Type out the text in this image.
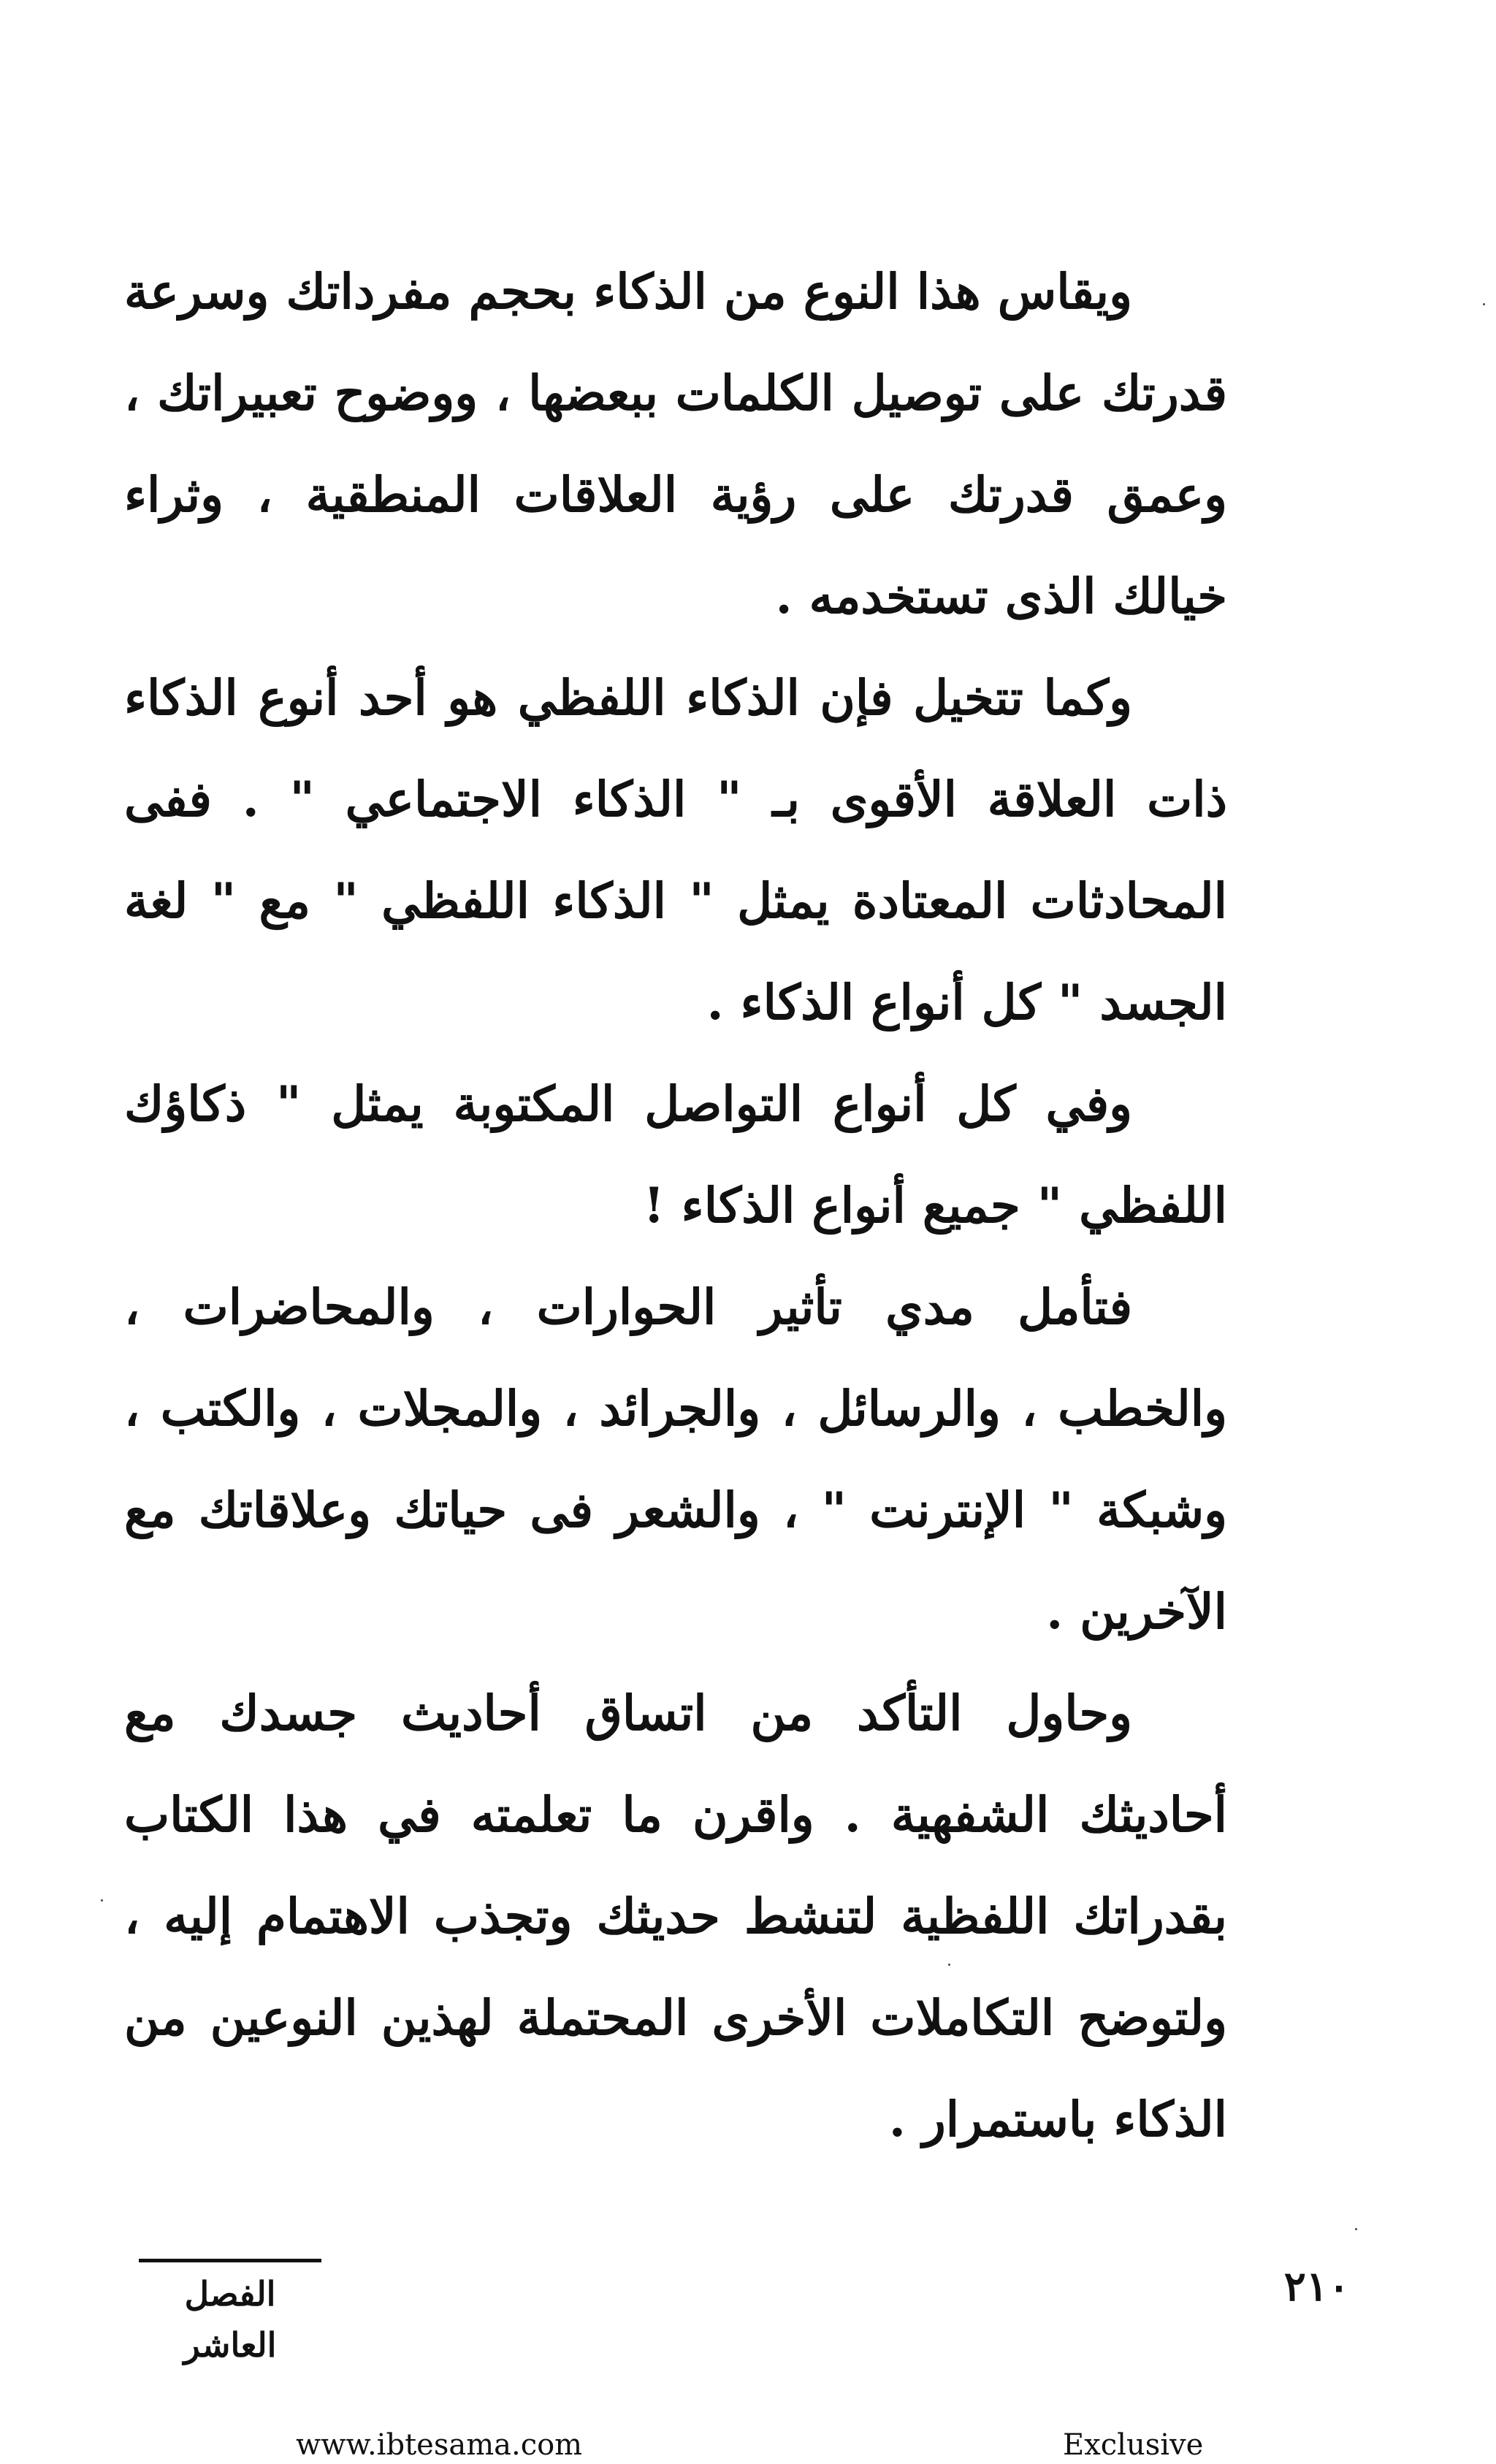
ويقاس هذا النوع من الذكاء بحجم مفرداتك وسرعة قدرتك على توصيل الكلمات ببعضها ، ووضوح تعبيراتك ، وعمق قدرتك على رؤية العلاقات المنطقية ، وثراء خيالك الذى تستخدمه .

وكما تتخيل فإن الذكاء اللفظي هو أحد أنوع الذكاء ذات العلاقة الأقوى بـ " الذكاء الاجتماعي " . ففى المحادثات المعتادة يمثل " الذكاء اللفظي " مع " لغة الجسد " كل أنواع الذكاء .

وفي كل أنواع التواصل المكتوبة يمثل " ذكاؤك اللفظي " جميع أنواع الذكاء !

فتأمل مدي تأثير الحوارات ، والمحاضرات ، والخطب ، والرسائل ، والجرائد ، والمجلات ، والكتب ، وشبكة " الإنترنت " ، والشعر فى حياتك وعلاقاتك مع الآخرين .

وحاول التأكد من اتساق أحاديث جسدك مع أحاديثك الشفهية . واقرن ما تعلمته في هذا الكتاب بقدراتك اللفظية لتنشط حديثك وتجذب الاهتمام إليه ، ولتوضح التكاملات الأخرى المحتملة لهذين النوعين من الذكاء باستمرار .

الفصل العاشر
٢١٠
www.ibtesama.com	Exclusive
